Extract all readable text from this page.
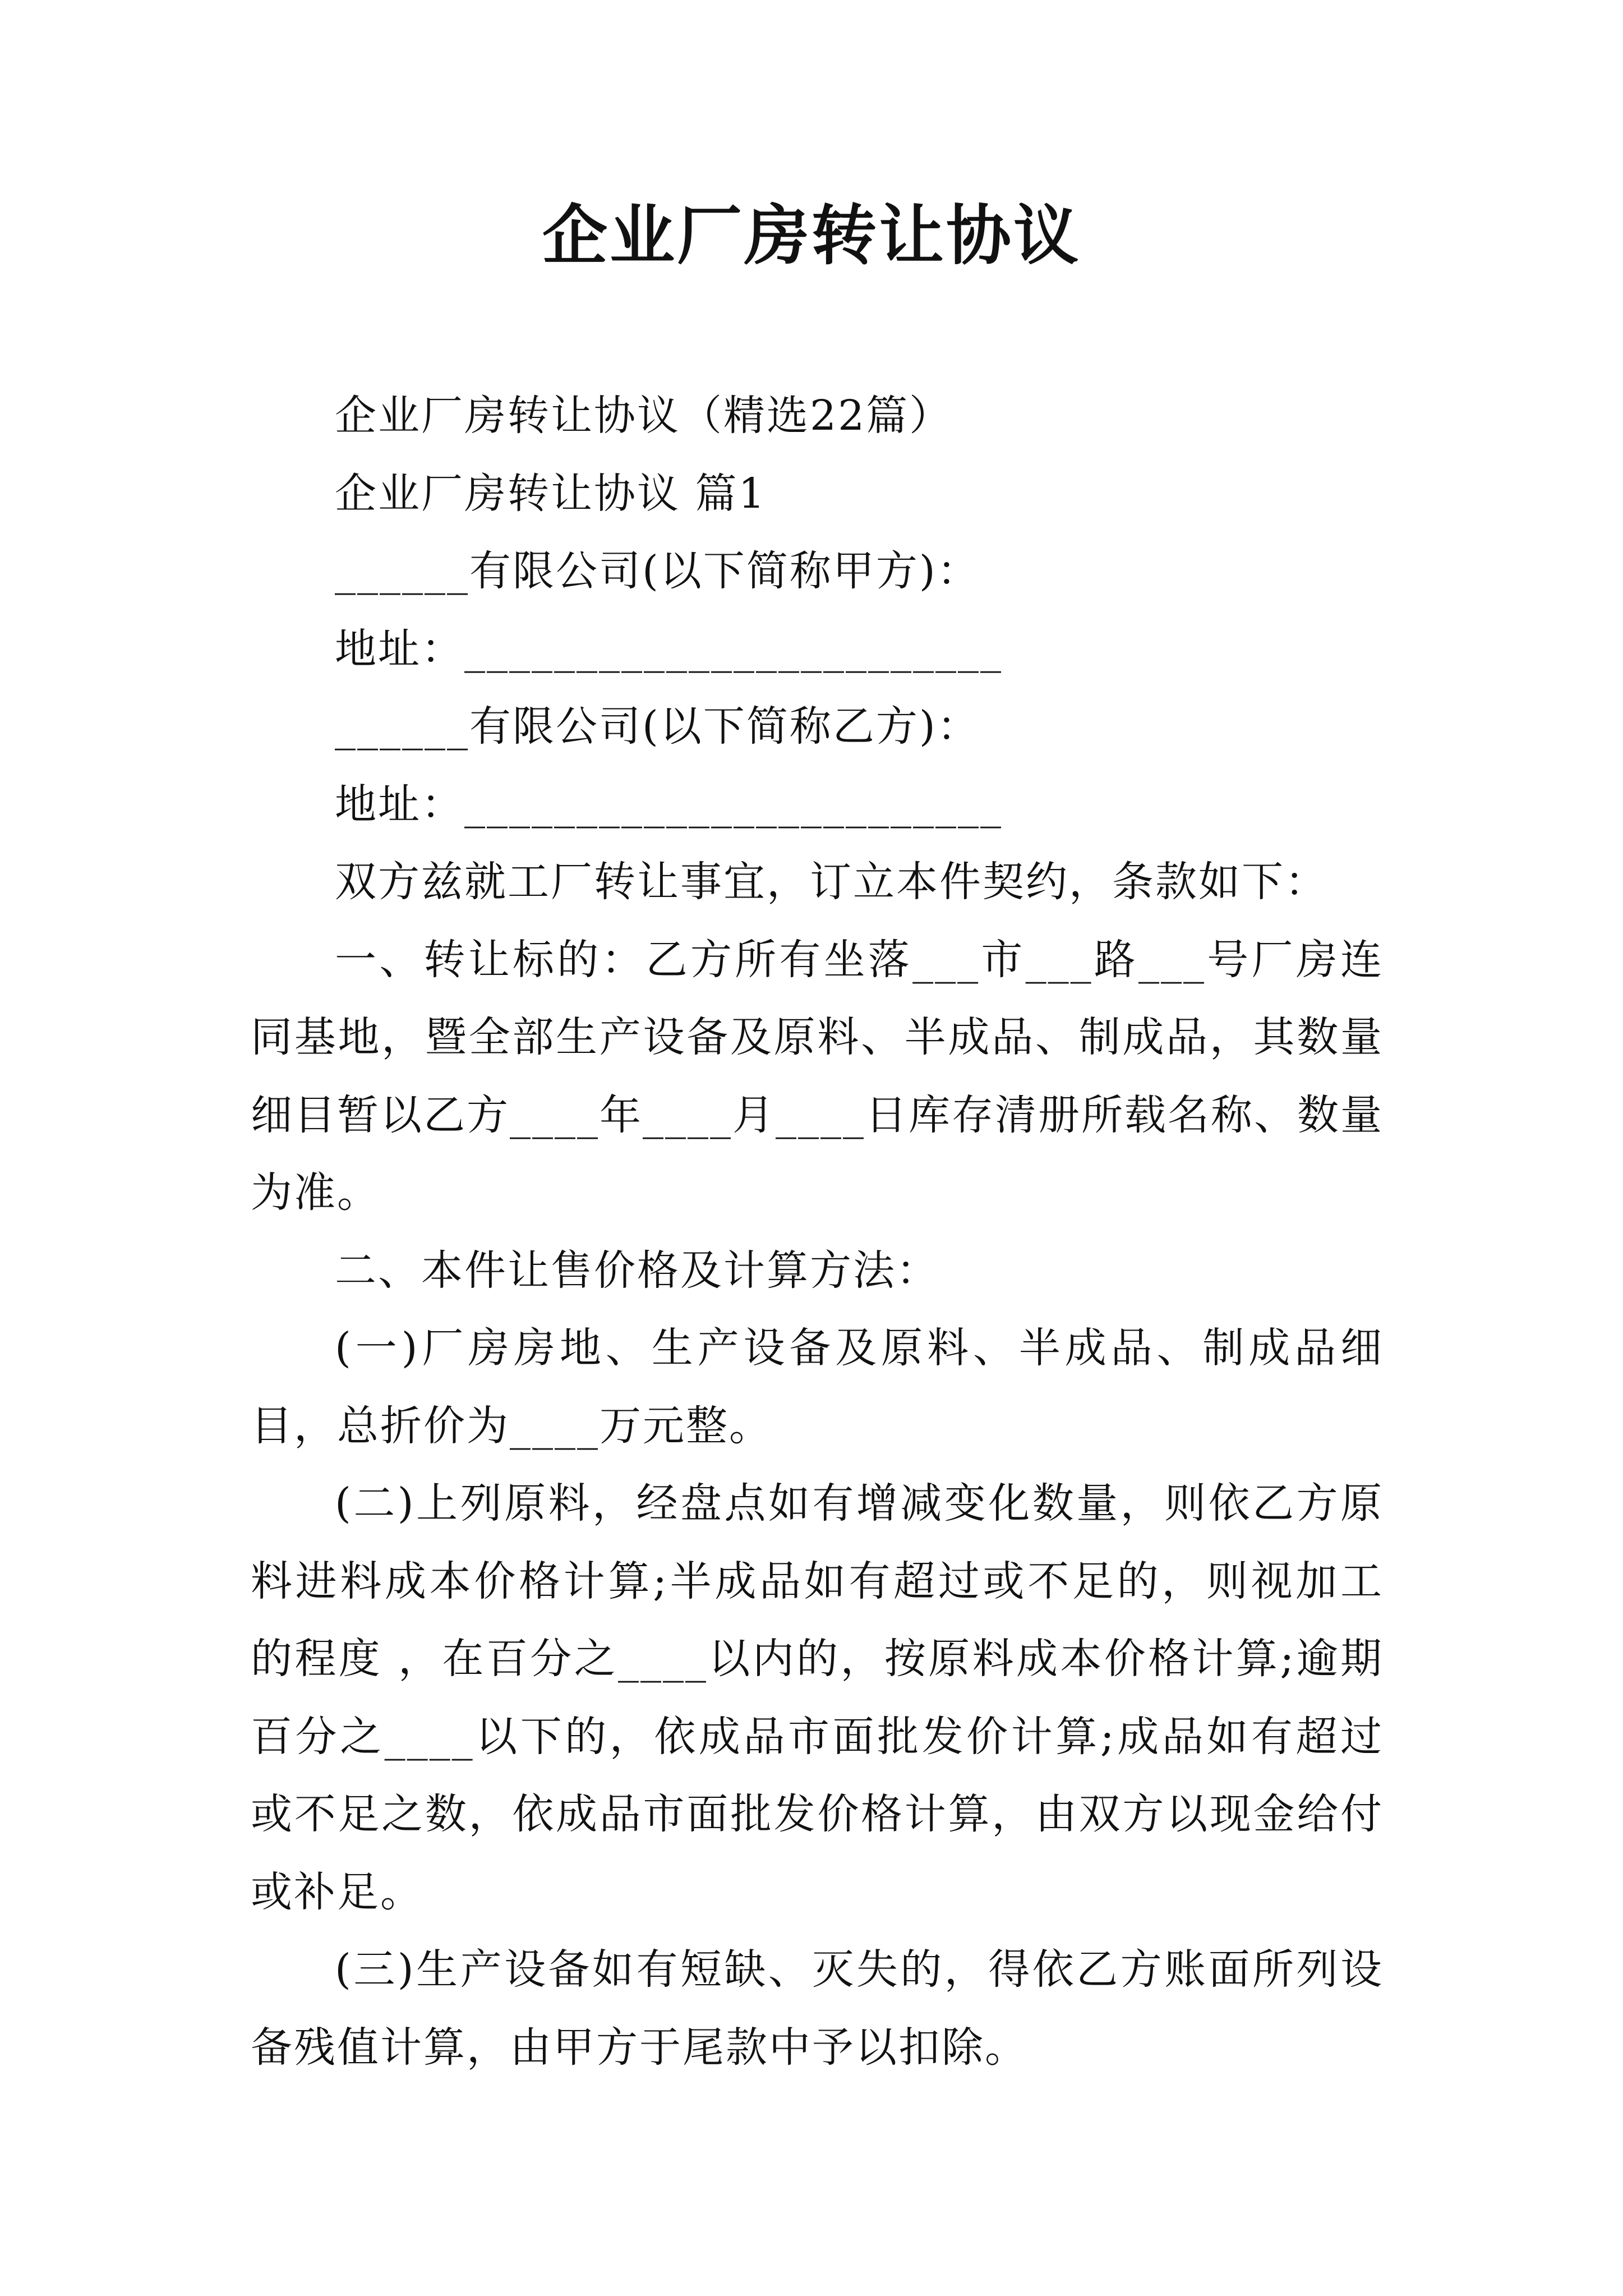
企业厂房转让协议
企业厂房转让协议（精选22篇）
企业厂房转让协议 篇1
______有限公司(以下简称甲方)：
地址：________________________
______有限公司(以下简称乙方)：
地址：________________________
双方兹就工厂转让事宜，订立本件契约，条款如下：
一、转让标的：乙方所有坐落___市___路___号厂房连同基地，暨全部生产设备及原料、半成品、制成品，其数量细目暂以乙方____年____月____日库存清册所载名称、数量为准。
二、本件让售价格及计算方法：
(一)厂房房地、生产设备及原料、半成品、制成品细目，总折价为____万元整。
(二)上列原料，经盘点如有增减变化数量，则依乙方原料进料成本价格计算;半成品如有超过或不足的，则视加工的程度 ，在百分之____以内的，按原料成本价格计算;逾期百分之____以下的，依成品市面批发价计算;成品如有超过或不足之数，依成品市面批发价格计算，由双方以现金给付或补足。
(三)生产设备如有短缺、灭失的，得依乙方账面所列设备残值计算，由甲方于尾款中予以扣除。
